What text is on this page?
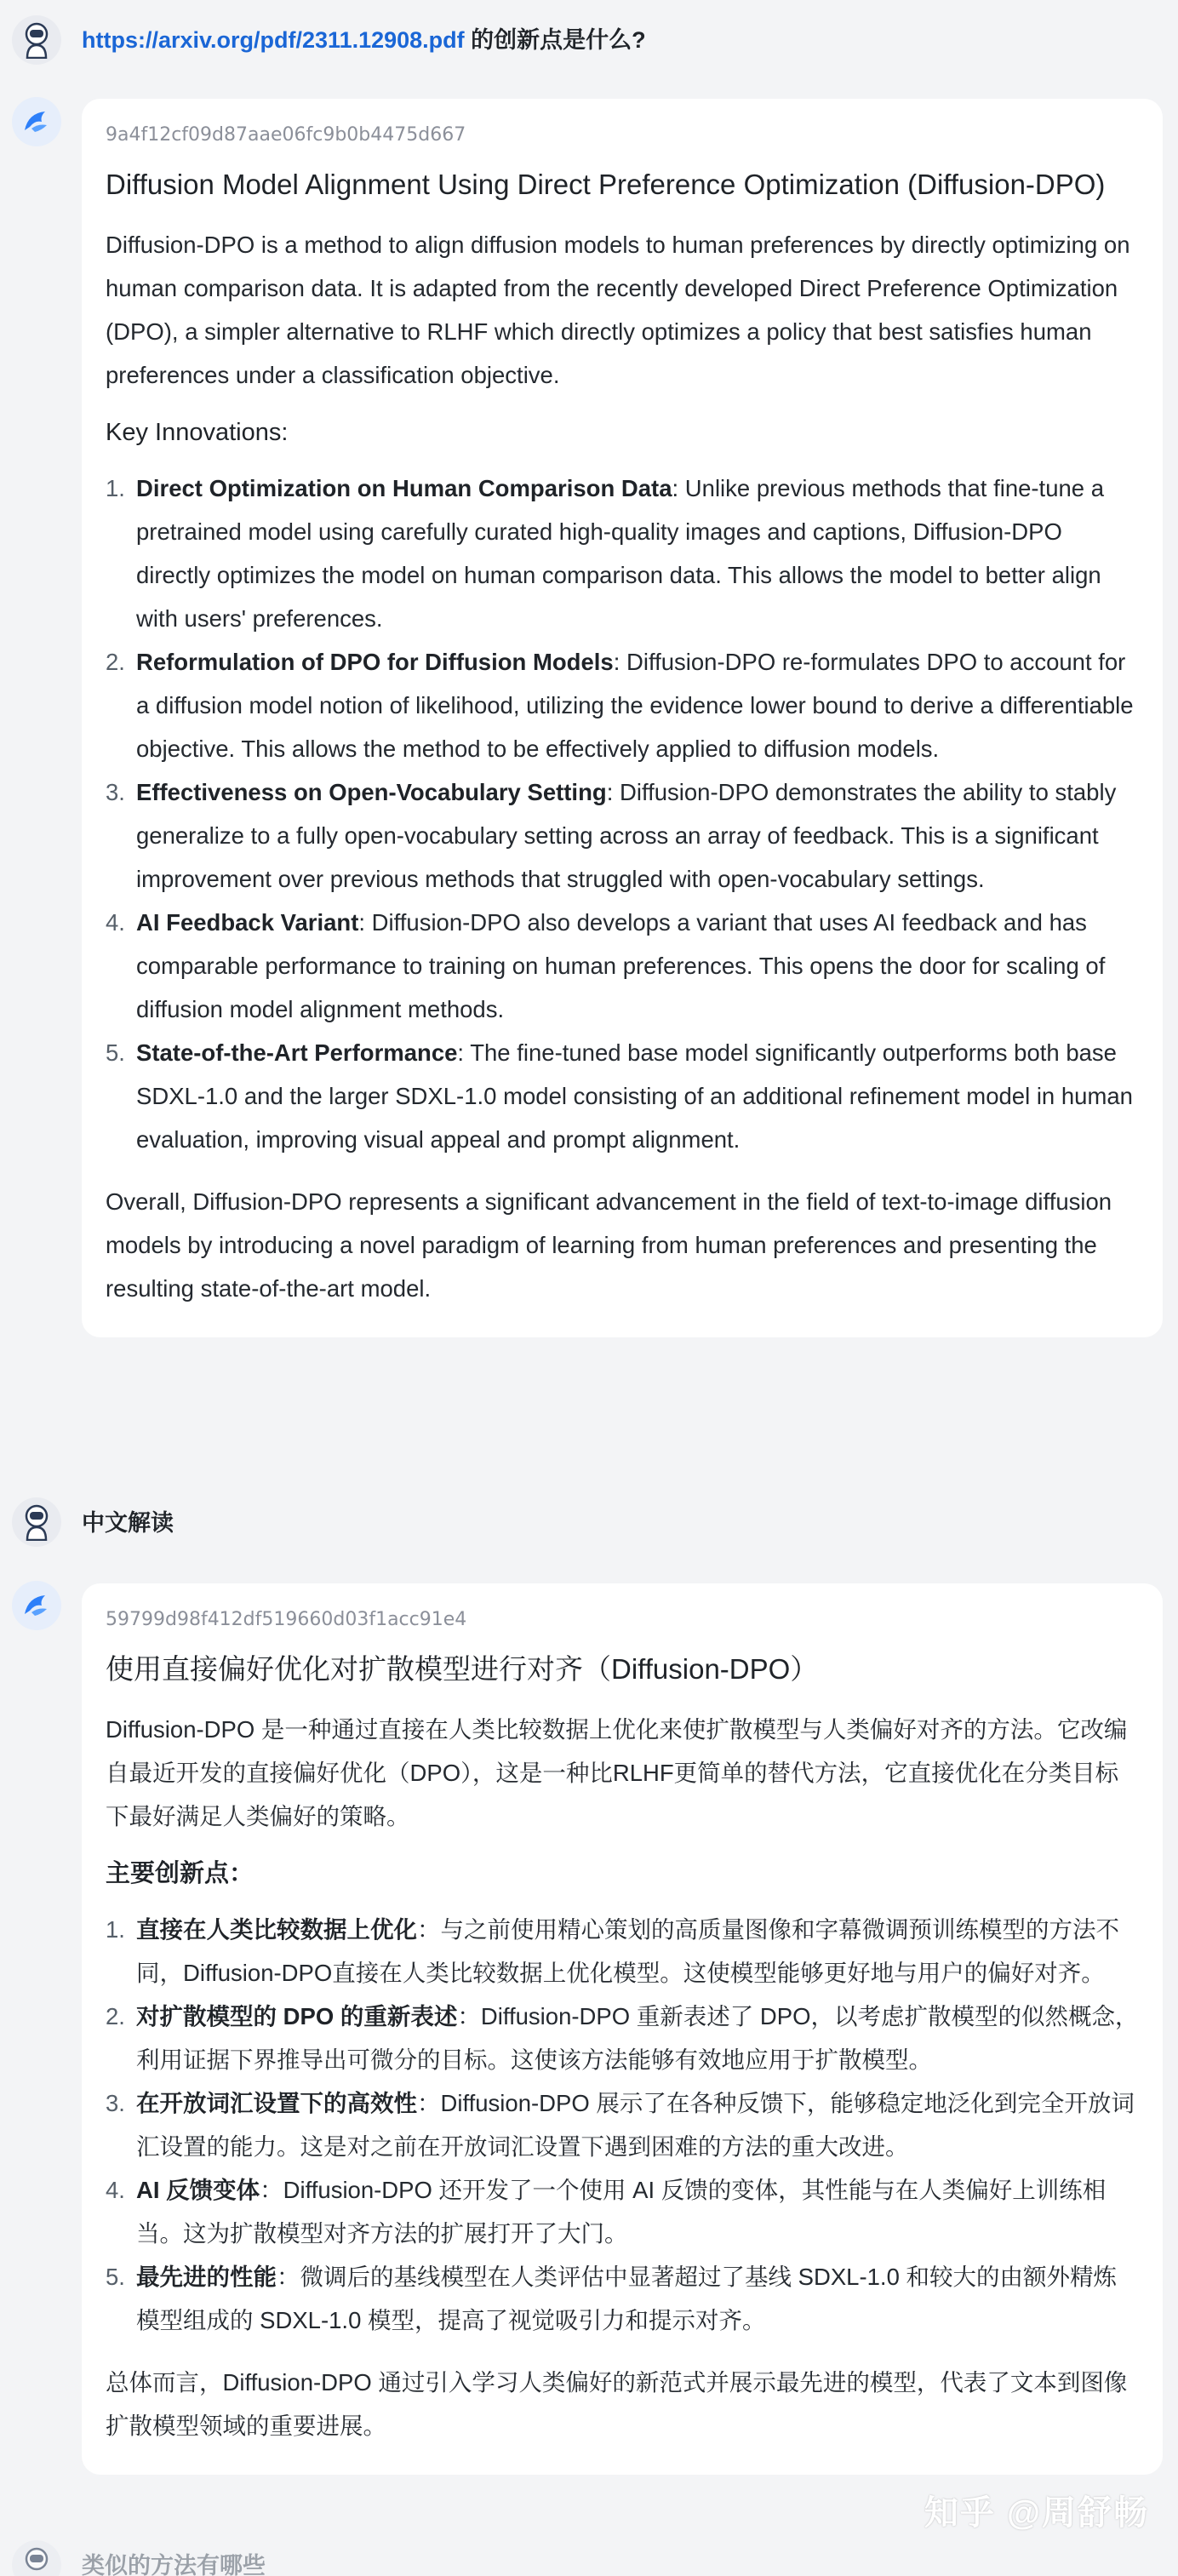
https://arxiv.org/pdf/2311.12908.pdf 的创新点是什么?
9a4f12cf09d87aae06fc9b0b4475d667
Diffusion Model Alignment Using Direct Preference Optimization (Diffusion-DPO)

Diffusion-DPO is a method to align diffusion models to human preferences by directly optimizing on human comparison data. It is adapted from the recently developed Direct Preference Optimization (DPO), a simpler alternative to RLHF which directly optimizes a policy that best satisfies human preferences under a classification objective.

Key Innovations:
1. Direct Optimization on Human Comparison Data: Unlike previous methods that fine-tune a pretrained model using carefully curated high-quality images and captions, Diffusion-DPO directly optimizes the model on human comparison data. This allows the model to better align with users' preferences.
2. Reformulation of DPO for Diffusion Models: Diffusion-DPO re-formulates DPO to account for a diffusion model notion of likelihood, utilizing the evidence lower bound to derive a differentiable objective. This allows the method to be effectively applied to diffusion models.
3. Effectiveness on Open-Vocabulary Setting: Diffusion-DPO demonstrates the ability to stably generalize to a fully open-vocabulary setting across an array of feedback. This is a significant improvement over previous methods that struggled with open-vocabulary settings.
4. AI Feedback Variant: Diffusion-DPO also develops a variant that uses AI feedback and has comparable performance to training on human preferences. This opens the door for scaling of diffusion model alignment methods.
5. State-of-the-Art Performance: The fine-tuned base model significantly outperforms both base SDXL-1.0 and the larger SDXL-1.0 model consisting of an additional refinement model in human evaluation, improving visual appeal and prompt alignment.

Overall, Diffusion-DPO represents a significant advancement in the field of text-to-image diffusion models by introducing a novel paradigm of learning from human preferences and presenting the resulting state-of-the-art model.

中文解读
59799d98f412df519660d03f1acc91e4
使用直接偏好优化对扩散模型进行对齐（Diffusion-DPO）

Diffusion-DPO 是一种通过直接在人类比较数据上优化来使扩散模型与人类偏好对齐的方法。它改编自最近开发的直接偏好优化（DPO），这是一种比RLHF更简单的替代方法，它直接优化在分类目标下最好满足人类偏好的策略。

主要创新点：
1. 直接在人类比较数据上优化：与之前使用精心策划的高质量图像和字幕微调预训练模型的方法不同，Diffusion-DPO直接在人类比较数据上优化模型。这使模型能够更好地与用户的偏好对齐。
2. 对扩散模型的 DPO 的重新表述：Diffusion-DPO 重新表述了 DPO，以考虑扩散模型的似然概念，利用证据下界推导出可微分的目标。这使该方法能够有效地应用于扩散模型。
3. 在开放词汇设置下的高效性：Diffusion-DPO 展示了在各种反馈下，能够稳定地泛化到完全开放词汇设置的能力。这是对之前在开放词汇设置下遇到困难的方法的重大改进。
4. AI 反馈变体：Diffusion-DPO 还开发了一个使用 AI 反馈的变体，其性能与在人类偏好上训练相当。这为扩散模型对齐方法的扩展打开了大门。
5. 最先进的性能：微调后的基线模型在人类评估中显著超过了基线 SDXL-1.0 和较大的由额外精炼模型组成的 SDXL-1.0 模型，提高了视觉吸引力和提示对齐。

总体而言，Diffusion-DPO 通过引入学习人类偏好的新范式并展示最先进的模型，代表了文本到图像扩散模型领域的重要进展。

类似的方法有哪些
知乎 @周舒畅
